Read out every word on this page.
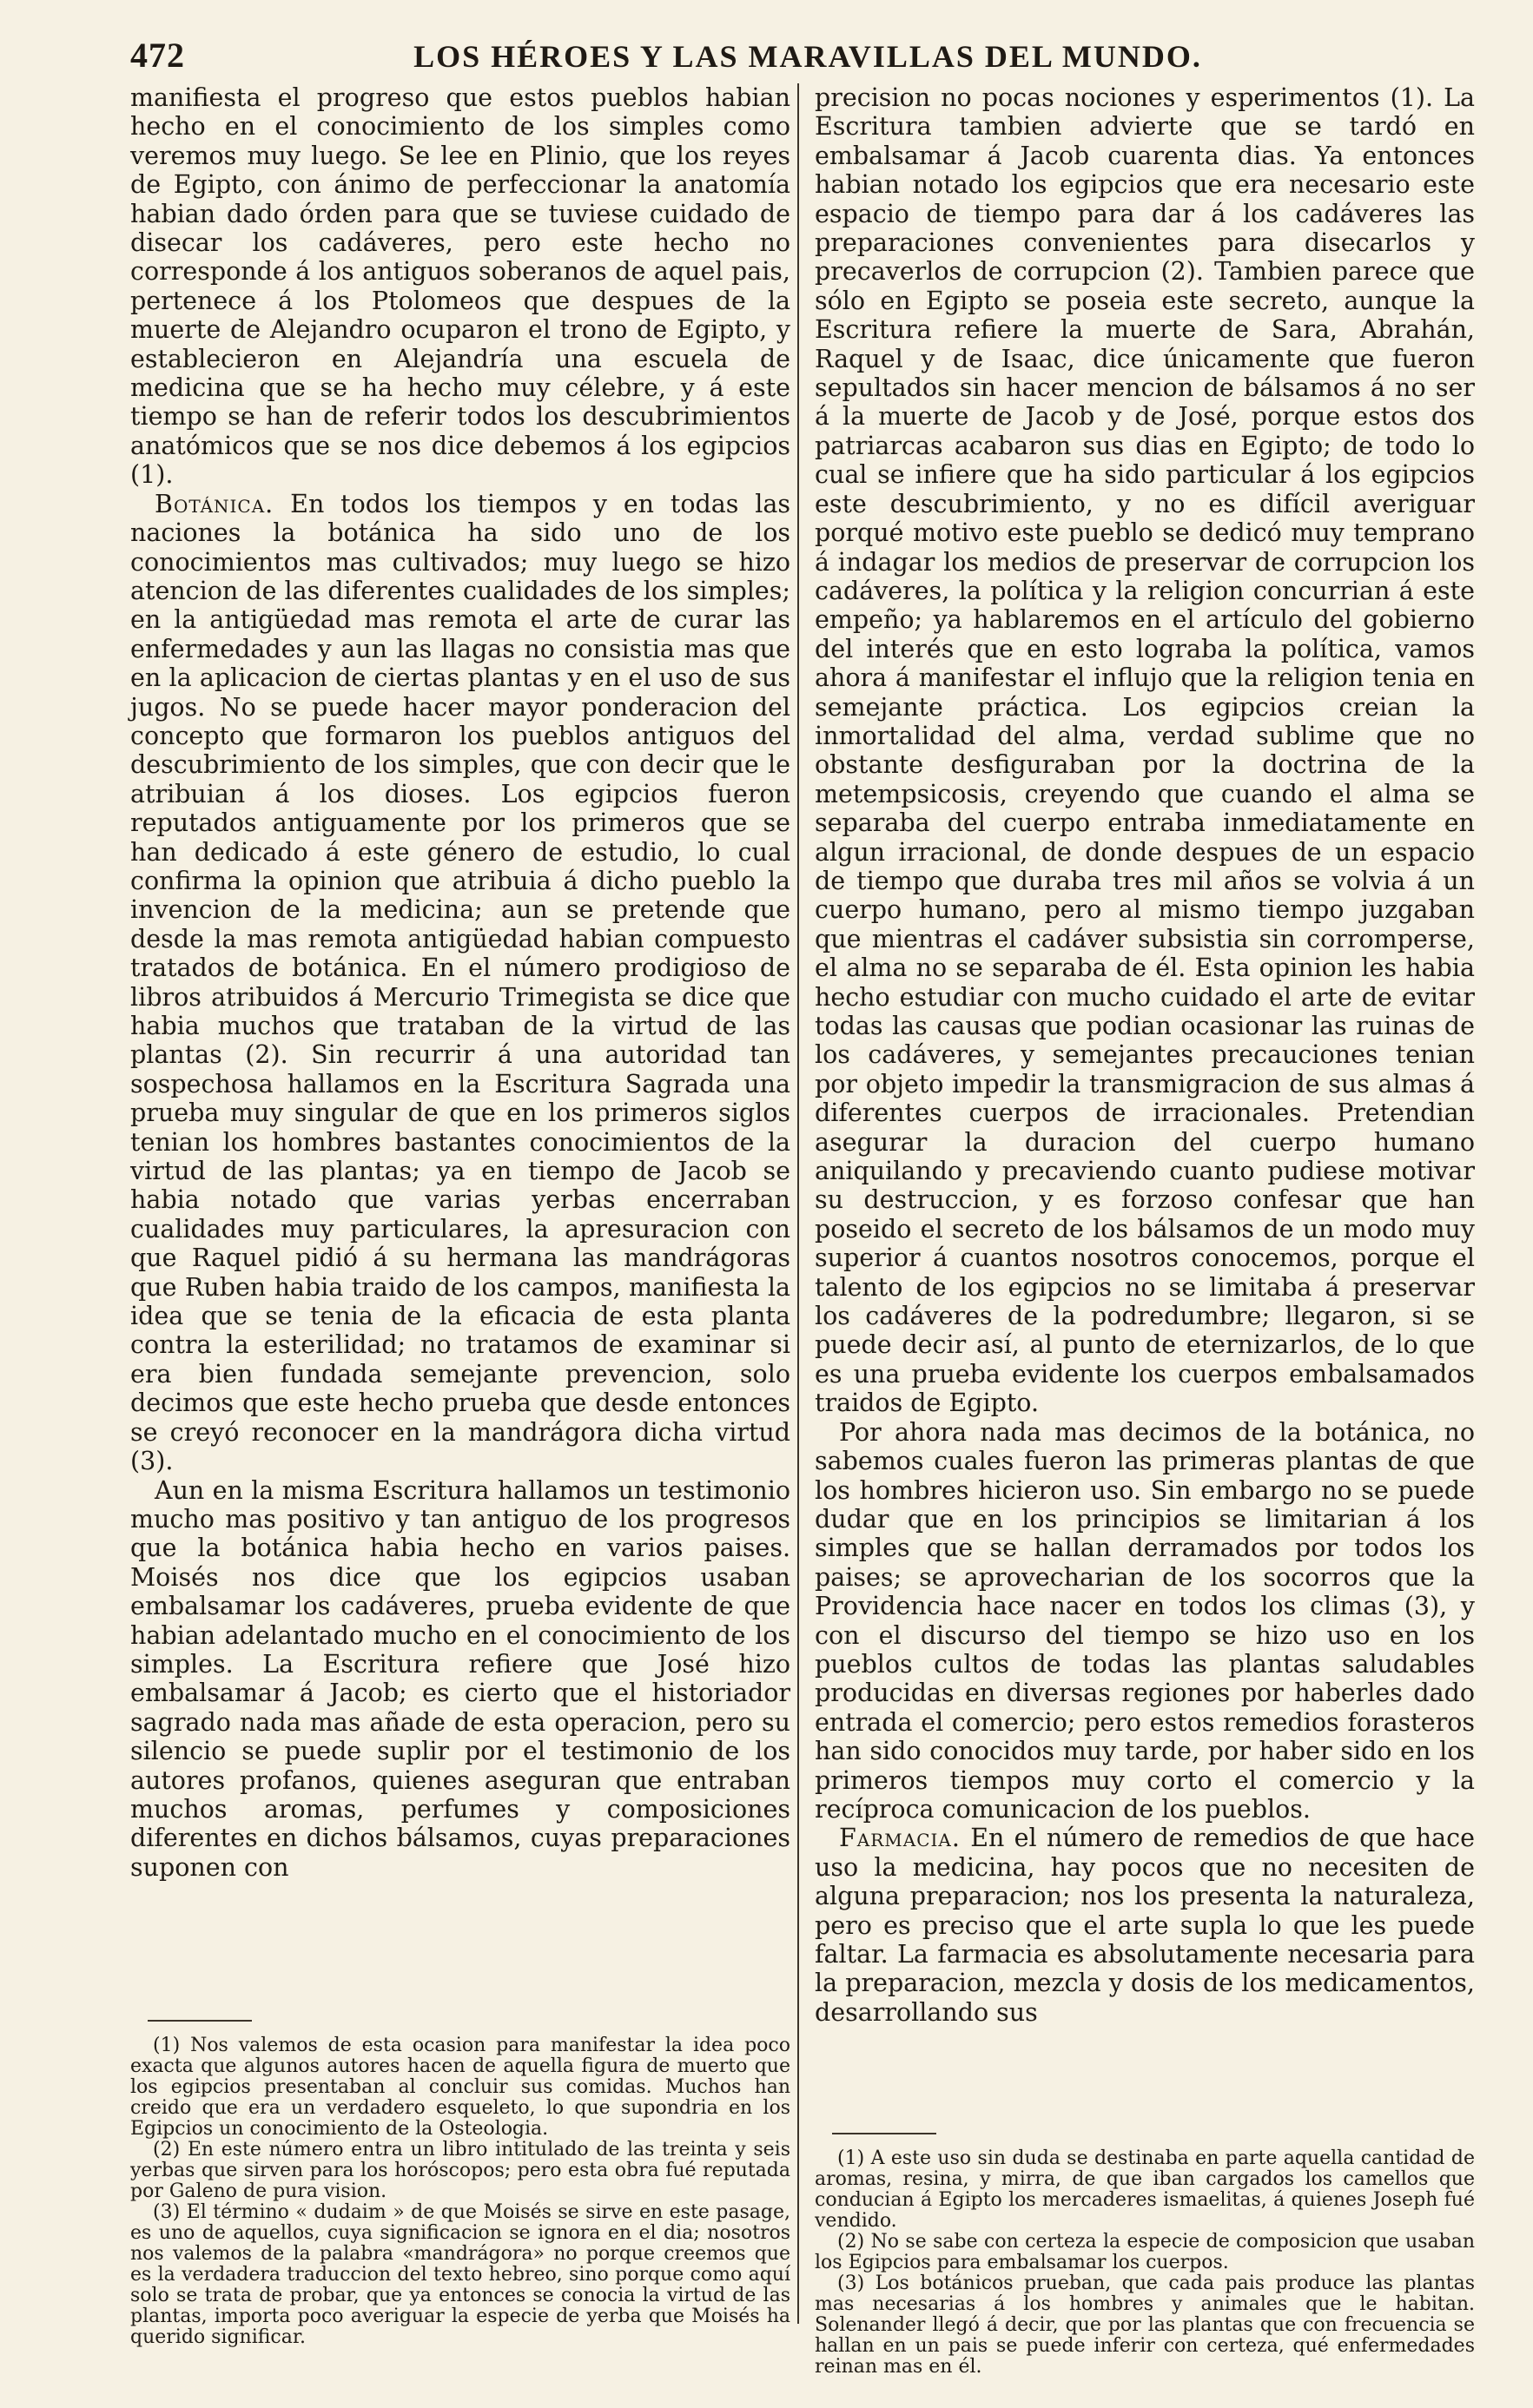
472	LOS HÉROES Y LAS MARAVILLAS DEL MUNDO.

manifiesta el progreso que estos pueblos habian hecho en el conocimiento de los simples como veremos muy luego. Se lee en Plinio, que los reyes de Egipto, con ánimo de perfeccionar la anatomía habian dado órden para que se tuviese cuidado de disecar los cadáveres, pero este hecho no corresponde á los antiguos soberanos de aquel pais, pertenece á los Ptolomeos que despues de la muerte de Alejandro ocuparon el trono de Egipto, y establecieron en Alejandría una escuela de medicina que se ha hecho muy célebre, y á este tiempo se han de referir todos los descubrimientos anatómicos que se nos dice debemos á los egipcios (1).

Botánica. En todos los tiempos y en todas las naciones la botánica ha sido uno de los conocimientos mas cultivados; muy luego se hizo atencion de las diferentes cualidades de los simples; en la antigüedad mas remota el arte de curar las enfermedades y aun las llagas no consistia mas que en la aplicacion de ciertas plantas y en el uso de sus jugos. No se puede hacer mayor ponderacion del concepto que formaron los pueblos antiguos del descubrimiento de los simples, que con decir que le atribuian á los dioses. Los egipcios fueron reputados antiguamente por los primeros que se han dedicado á este género de estudio, lo cual confirma la opinion que atribuia á dicho pueblo la invencion de la medicina; aun se pretende que desde la mas remota antigüedad habian compuesto tratados de botánica. En el número prodigioso de libros atribuidos á Mercurio Trimegista se dice que habia muchos que trataban de la virtud de las plantas (2). Sin recurrir á una autoridad tan sospechosa hallamos en la Escritura Sagrada una prueba muy singular de que en los primeros siglos tenian los hombres bastantes conocimientos de la virtud de las plantas; ya en tiempo de Jacob se habia notado que varias yerbas encerraban cualidades muy particulares, la apresuracion con que Raquel pidió á su hermana las mandrágoras que Ruben habia traido de los campos, manifiesta la idea que se tenia de la eficacia de esta planta contra la esterilidad; no tratamos de examinar si era bien fundada semejante prevencion, solo decimos que este hecho prueba que desde entonces se creyó reconocer en la mandrágora dicha virtud (3).

Aun en la misma Escritura hallamos un testimonio mucho mas positivo y tan antiguo de los progresos que la botánica habia hecho en varios paises. Moisés nos dice que los egipcios usaban embalsamar los cadáveres, prueba evidente de que habian adelantado mucho en el conocimiento de los simples. La Escritura refiere que José hizo embalsamar á Jacob; es cierto que el historiador sagrado nada mas añade de esta operacion, pero su silencio se puede suplir por el testimonio de los autores profanos, quienes aseguran que entraban muchos aromas, perfumes y composiciones diferentes en dichos bálsamos, cuyas preparaciones suponen con

(1) Nos valemos de esta ocasion para manifestar la idea poco exacta que algunos autores hacen de aquella figura de muerto que los egipcios presentaban al concluir sus comidas. Muchos han creido que era un verdadero esqueleto, lo que supondria en los Egipcios un conocimiento de la Osteologia.

(2) En este número entra un libro intitulado de las treinta y seis yerbas que sirven para los horóscopos; pero esta obra fué reputada por Galeno de pura vision.

(3) El término « dudaim » de que Moisés se sirve en este pasage, es uno de aquellos, cuya significacion se ignora en el dia; nosotros nos valemos de la palabra «mandrágora» no porque creemos que es la verdadera traduccion del texto hebreo, sino porque como aquí solo se trata de probar, que ya entonces se conocia la virtud de las plantas, importa poco averiguar la especie de yerba que Moisés ha querido significar.

precision no pocas nociones y esperimentos (1). La Escritura tambien advierte que se tardó en embalsamar á Jacob cuarenta dias. Ya entonces habian notado los egipcios que era necesario este espacio de tiempo para dar á los cadáveres las preparaciones convenientes para disecarlos y precaverlos de corrupcion (2). Tambien parece que sólo en Egipto se poseia este secreto, aunque la Escritura refiere la muerte de Sara, Abrahán, Raquel y de Isaac, dice únicamente que fueron sepultados sin hacer mencion de bálsamos á no ser á la muerte de Jacob y de José, porque estos dos patriarcas acabaron sus dias en Egipto; de todo lo cual se infiere que ha sido particular á los egipcios este descubrimiento, y no es difícil averiguar porqué motivo este pueblo se dedicó muy temprano á indagar los medios de preservar de corrupcion los cadáveres, la política y la religion concurrian á este empeño; ya hablaremos en el artículo del gobierno del interés que en esto lograba la política, vamos ahora á manifestar el influjo que la religion tenia en semejante práctica. Los egipcios creian la inmortalidad del alma, verdad sublime que no obstante desfiguraban por la doctrina de la metempsicosis, creyendo que cuando el alma se separaba del cuerpo entraba inmediatamente en algun irracional, de donde despues de un espacio de tiempo que duraba tres mil años se volvia á un cuerpo humano, pero al mismo tiempo juzgaban que mientras el cadáver subsistia sin corromperse, el alma no se separaba de él. Esta opinion les habia hecho estudiar con mucho cuidado el arte de evitar todas las causas que podian ocasionar las ruinas de los cadáveres, y semejantes precauciones tenian por objeto impedir la transmigracion de sus almas á diferentes cuerpos de irracionales. Pretendian asegurar la duracion del cuerpo humano aniquilando y precaviendo cuanto pudiese motivar su destruccion, y es forzoso confesar que han poseido el secreto de los bálsamos de un modo muy superior á cuantos nosotros conocemos, porque el talento de los egipcios no se limitaba á preservar los cadáveres de la podredumbre; llegaron, si se puede decir así, al punto de eternizarlos, de lo que es una prueba evidente los cuerpos embalsamados traidos de Egipto.

Por ahora nada mas decimos de la botánica, no sabemos cuales fueron las primeras plantas de que los hombres hicieron uso. Sin embargo no se puede dudar que en los principios se limitarian á los simples que se hallan derramados por todos los paises; se aprovecharian de los socorros que la Providencia hace nacer en todos los climas (3), y con el discurso del tiempo se hizo uso en los pueblos cultos de todas las plantas saludables producidas en diversas regiones por haberles dado entrada el comercio; pero estos remedios forasteros han sido conocidos muy tarde, por haber sido en los primeros tiempos muy corto el comercio y la recíproca comunicacion de los pueblos.

Farmacia. En el número de remedios de que hace uso la medicina, hay pocos que no necesiten de alguna preparacion; nos los presenta la naturaleza, pero es preciso que el arte supla lo que les puede faltar. La farmacia es absolutamente necesaria para la preparacion, mezcla y dosis de los medicamentos, desarrollando sus

(1) A este uso sin duda se destinaba en parte aquella cantidad de aromas, resina, y mirra, de que iban cargados los camellos que conducian á Egipto los mercaderes ismaelitas, á quienes Joseph fué vendido.

(2) No se sabe con certeza la especie de composicion que usaban los Egipcios para embalsamar los cuerpos.

(3) Los botánicos prueban, que cada pais produce las plantas mas necesarias á los hombres y animales que le habitan. Solenander llegó á decir, que por las plantas que con frecuencia se hallan en un pais se puede inferir con certeza, qué enfermedades reinan mas en él.
